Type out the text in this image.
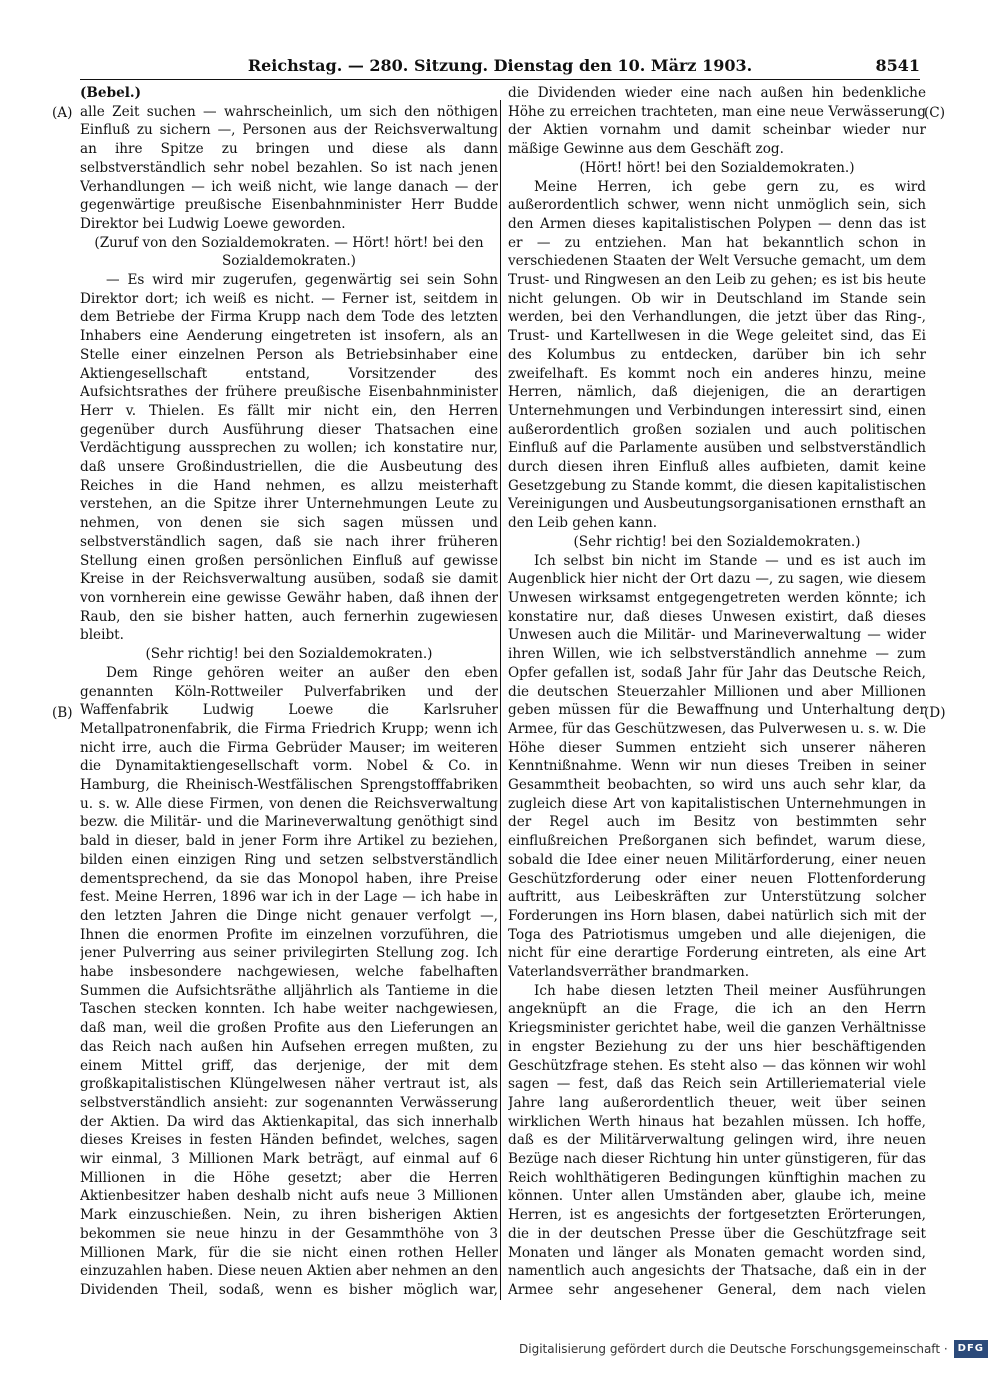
Reichstag. — 280. Sitzung. Dienstag den 10. März 1903.	8541
(A)
(B)
(C)
(D)

(Bebel.)

alle Zeit suchen — wahrscheinlich, um sich den nöthigen Einfluß zu sichern —, Personen aus der Reichsverwaltung an ihre Spitze zu bringen und diese als dann selbstverständlich sehr nobel bezahlen. So ist nach jenen Verhandlungen — ich weiß nicht, wie lange danach — der gegenwärtige preußische Eisenbahnminister Herr Budde Direktor bei Ludwig Loewe geworden.

(Zuruf von den Sozialdemokraten. — Hört! hört! bei den Sozialdemokraten.)

— Es wird mir zugerufen, gegenwärtig sei sein Sohn Direktor dort; ich weiß es nicht. — Ferner ist, seitdem in dem Betriebe der Firma Krupp nach dem Tode des letzten Inhabers eine Aenderung eingetreten ist insofern, als an Stelle einer einzelnen Person als Betriebsinhaber eine Aktiengesellschaft entstand, Vorsitzender des Aufsichtsrathes der frühere preußische Eisenbahnminister Herr v. Thielen. Es fällt mir nicht ein, den Herren gegenüber durch Ausführung dieser Thatsachen eine Verdächtigung aussprechen zu wollen; ich konstatire nur, daß unsere Großindustriellen, die die Ausbeutung des Reiches in die Hand nehmen, es allzu meisterhaft verstehen, an die Spitze ihrer Unternehmungen Leute zu nehmen, von denen sie sich sagen müssen und selbstverständlich sagen, daß sie nach ihrer früheren Stellung einen großen persönlichen Einfluß auf gewisse Kreise in der Reichsverwaltung ausüben, sodaß sie damit von vornherein eine gewisse Gewähr haben, daß ihnen der Raub, den sie bisher hatten, auch fernerhin zugewiesen bleibt.

(Sehr richtig! bei den Sozialdemokraten.)

Dem Ringe gehören weiter an außer den eben genannten Köln-Rottweiler Pulverfabriken und der Waffenfabrik Ludwig Loewe die Karlsruher Metallpatronenfabrik, die Firma Friedrich Krupp; wenn ich nicht irre, auch die Firma Gebrüder Mauser; im weiteren die Dynamitaktiengesellschaft vorm. Nobel & Co. in Hamburg, die Rheinisch-Westfälischen Sprengstofffabriken u. s. w. Alle diese Firmen, von denen die Reichsverwaltung bezw. die Militär- und die Marineverwaltung genöthigt sind bald in dieser, bald in jener Form ihre Artikel zu beziehen, bilden einen einzigen Ring und setzen selbstverständlich dementsprechend, da sie das Monopol haben, ihre Preise fest. Meine Herren, 1896 war ich in der Lage — ich habe in den letzten Jahren die Dinge nicht genauer verfolgt —, Ihnen die enormen Profite im einzelnen vorzuführen, die jener Pulverring aus seiner privilegirten Stellung zog. Ich habe insbesondere nachgewiesen, welche fabelhaften Summen die Aufsichtsräthe alljährlich als Tantieme in die Taschen stecken konnten. Ich habe weiter nachgewiesen, daß man, weil die großen Profite aus den Lieferungen an das Reich nach außen hin Aufsehen erregen mußten, zu einem Mittel griff, das derjenige, der mit dem großkapitalistischen Klüngelwesen näher vertraut ist, als selbstverständlich ansieht: zur sogenannten Verwässerung der Aktien. Da wird das Aktienkapital, das sich innerhalb dieses Kreises in festen Händen befindet, welches, sagen wir einmal, 3 Millionen Mark beträgt, auf einmal auf 6 Millionen in die Höhe gesetzt; aber die Herren Aktienbesitzer haben deshalb nicht aufs neue 3 Millionen Mark einzuschießen. Nein, zu ihren bisherigen Aktien bekommen sie neue hinzu in der Gesammthöhe von 3 Millionen Mark, für die sie nicht einen rothen Heller einzuzahlen haben. Diese neuen Aktien aber nehmen an den Dividenden Theil, sodaß, wenn es bisher möglich war,

die Dividenden wieder eine nach außen hin bedenkliche Höhe zu erreichen trachteten, man eine neue Verwässerung der Aktien vornahm und damit scheinbar wieder nur mäßige Gewinne aus dem Geschäft zog.

(Hört! hört! bei den Sozialdemokraten.)

Meine Herren, ich gebe gern zu, es wird außerordentlich schwer, wenn nicht unmöglich sein, sich den Armen dieses kapitalistischen Polypen — denn das ist er — zu entziehen. Man hat bekanntlich schon in verschiedenen Staaten der Welt Versuche gemacht, um dem Trust- und Ringwesen an den Leib zu gehen; es ist bis heute nicht gelungen. Ob wir in Deutschland im Stande sein werden, bei den Verhandlungen, die jetzt über das Ring-, Trust- und Kartellwesen in die Wege geleitet sind, das Ei des Kolumbus zu entdecken, darüber bin ich sehr zweifelhaft. Es kommt noch ein anderes hinzu, meine Herren, nämlich, daß diejenigen, die an derartigen Unternehmungen und Verbindungen interessirt sind, einen außerordentlich großen sozialen und auch politischen Einfluß auf die Parlamente ausüben und selbstverständlich durch diesen ihren Einfluß alles aufbieten, damit keine Gesetzgebung zu Stande kommt, die diesen kapitalistischen Vereinigungen und Ausbeutungsorganisationen ernsthaft an den Leib gehen kann.

(Sehr richtig! bei den Sozialdemokraten.)

Ich selbst bin nicht im Stande — und es ist auch im Augenblick hier nicht der Ort dazu —, zu sagen, wie diesem Unwesen wirksamst entgegengetreten werden könnte; ich konstatire nur, daß dieses Unwesen existirt, daß dieses Unwesen auch die Militär- und Marineverwaltung — wider ihren Willen, wie ich selbstverständlich annehme — zum Opfer gefallen ist, sodaß Jahr für Jahr das Deutsche Reich, die deutschen Steuerzahler Millionen und aber Millionen geben müssen für die Bewaffnung und Unterhaltung der Armee, für das Geschützwesen, das Pulverwesen u. s. w. Die Höhe dieser Summen entzieht sich unserer näheren Kenntnißnahme. Wenn wir nun dieses Treiben in seiner Gesammtheit beobachten, so wird uns auch sehr klar, da zugleich diese Art von kapitalistischen Unternehmungen in der Regel auch im Besitz von bestimmten sehr einflußreichen Preßorganen sich befindet, warum diese, sobald die Idee einer neuen Militärforderung, einer neuen Geschützforderung oder einer neuen Flottenforderung auftritt, aus Leibeskräften zur Unterstützung solcher Forderungen ins Horn blasen, dabei natürlich sich mit der Toga des Patriotismus umgeben und alle diejenigen, die nicht für eine derartige Forderung eintreten, als eine Art Vaterlandsverräther brandmarken.

Ich habe diesen letzten Theil meiner Ausführungen angeknüpft an die Frage, die ich an den Herrn Kriegsminister gerichtet habe, weil die ganzen Verhältnisse in engster Beziehung zu der uns hier beschäftigenden Geschützfrage stehen. Es steht also — das können wir wohl sagen — fest, daß das Reich sein Artilleriematerial viele Jahre lang außerordentlich theuer, weit über seinen wirklichen Werth hinaus hat bezahlen müssen. Ich hoffe, daß es der Militärverwaltung gelingen wird, ihre neuen Bezüge nach dieser Richtung hin unter günstigeren, für das Reich wohlthätigeren Bedingungen künftighin machen zu können. Unter allen Umständen aber, glaube ich, meine Herren, ist es angesichts der fortgesetzten Erörterungen, die in der deutschen Presse über die Geschützfrage seit Monaten und länger als Monaten gemacht worden sind, namentlich auch angesichts der Thatsache, daß ein in der Armee sehr angesehener General, dem nach vielen

Digitalisierung gefördert durch die Deutsche Forschungsgemeinschaft ·	DFG
